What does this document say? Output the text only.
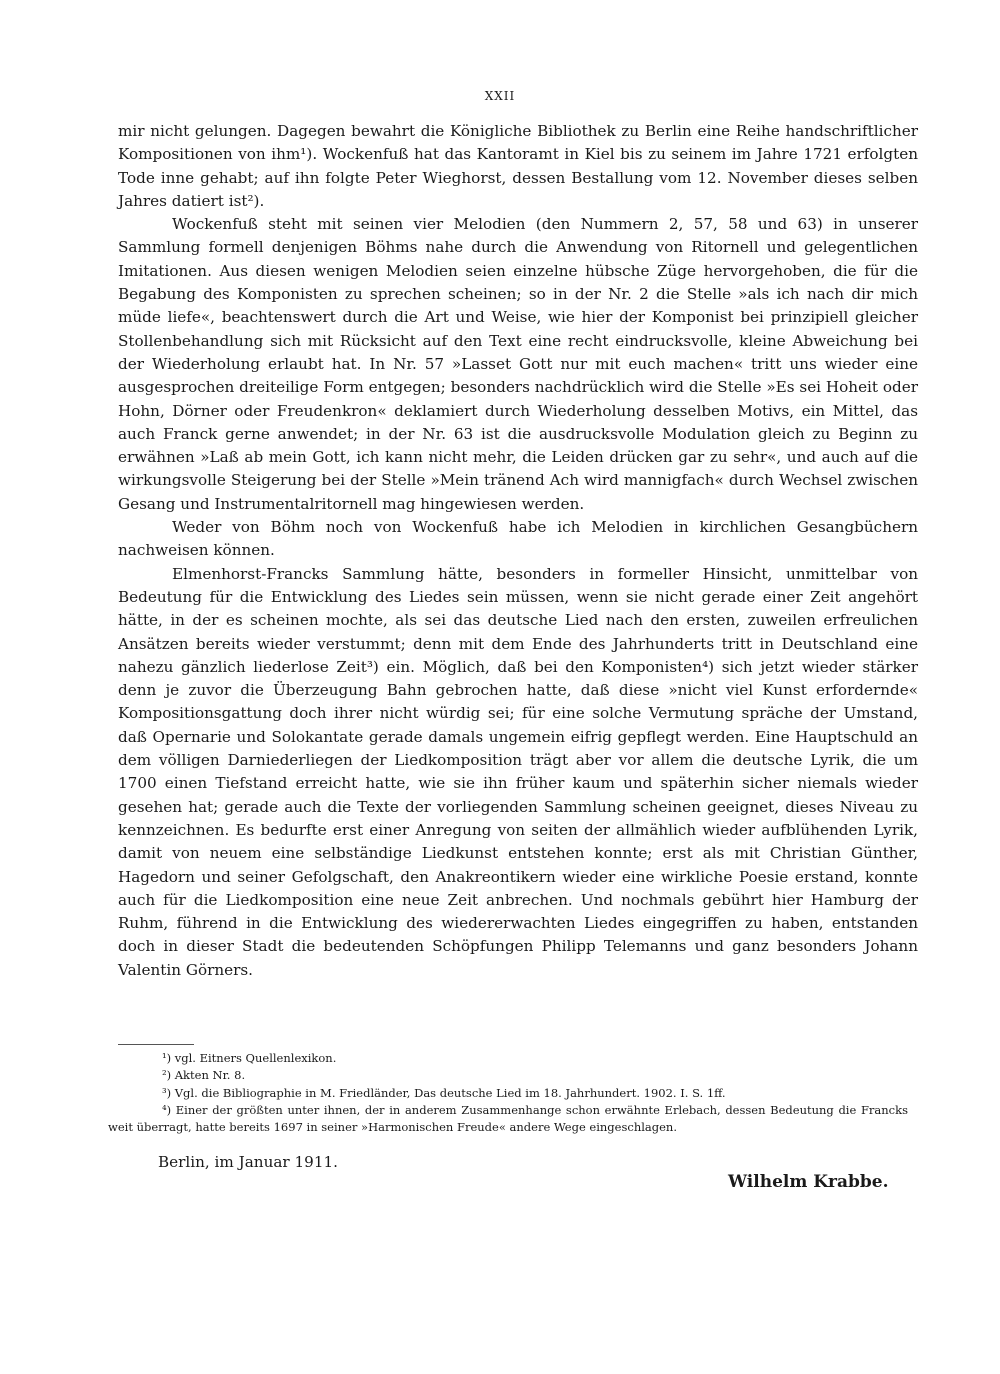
XXII

mir nicht gelungen. Dagegen bewahrt die Königliche Bibliothek zu Berlin eine Reihe handschriftlicher Kompositionen von ihm¹). Wockenfuß hat das Kantoramt in Kiel bis zu seinem im Jahre 1721 erfolgten Tode inne gehabt; auf ihn folgte Peter Wieghorst, dessen Bestallung vom 12. November dieses selben Jahres datiert ist²).

Wockenfuß steht mit seinen vier Melodien (den Nummern 2, 57, 58 und 63) in unserer Sammlung formell denjenigen Böhms nahe durch die Anwendung von Ritornell und gelegentlichen Imitationen. Aus diesen wenigen Melodien seien einzelne hübsche Züge hervorgehoben, die für die Begabung des Komponisten zu sprechen scheinen; so in der Nr. 2 die Stelle »als ich nach dir mich müde liefe«, beachtenswert durch die Art und Weise, wie hier der Komponist bei prinzipiell gleicher Stollenbehandlung sich mit Rücksicht auf den Text eine recht eindrucksvolle, kleine Abweichung bei der Wiederholung erlaubt hat. In Nr. 57 »Lasset Gott nur mit euch machen« tritt uns wieder eine ausgesprochen dreiteilige Form entgegen; besonders nachdrücklich wird die Stelle »Es sei Hoheit oder Hohn, Dörner oder Freudenkron« deklamiert durch Wiederholung desselben Motivs, ein Mittel, das auch Franck gerne anwendet; in der Nr. 63 ist die ausdrucksvolle Modulation gleich zu Beginn zu erwähnen »Laß ab mein Gott, ich kann nicht mehr, die Leiden drücken gar zu sehr«, und auch auf die wirkungsvolle Steigerung bei der Stelle »Mein tränend Ach wird mannigfach« durch Wechsel zwischen Gesang und Instrumentalritornell mag hingewiesen werden.

Weder von Böhm noch von Wockenfuß habe ich Melodien in kirchlichen Gesangbüchern nachweisen können.

Elmenhorst-Francks Sammlung hätte, besonders in formeller Hinsicht, unmittelbar von Bedeutung für die Entwicklung des Liedes sein müssen, wenn sie nicht gerade einer Zeit angehört hätte, in der es scheinen mochte, als sei das deutsche Lied nach den ersten, zuweilen erfreulichen Ansätzen bereits wieder verstummt; denn mit dem Ende des Jahrhunderts tritt in Deutschland eine nahezu gänzlich liederlose Zeit³) ein. Möglich, daß bei den Komponisten⁴) sich jetzt wieder stärker denn je zuvor die Überzeugung Bahn gebrochen hatte, daß diese »nicht viel Kunst erfordernde« Kompositionsgattung doch ihrer nicht würdig sei; für eine solche Vermutung spräche der Umstand, daß Opernarie und Solokantate gerade damals ungemein eifrig gepflegt werden. Eine Hauptschuld an dem völligen Darniederliegen der Liedkomposition trägt aber vor allem die deutsche Lyrik, die um 1700 einen Tiefstand erreicht hatte, wie sie ihn früher kaum und späterhin sicher niemals wieder gesehen hat; gerade auch die Texte der vorliegenden Sammlung scheinen geeignet, dieses Niveau zu kennzeichnen. Es bedurfte erst einer Anregung von seiten der allmählich wieder aufblühenden Lyrik, damit von neuem eine selbständige Liedkunst entstehen konnte; erst als mit Christian Günther, Hagedorn und seiner Gefolgschaft, den Anakreontikern wieder eine wirkliche Poesie erstand, konnte auch für die Liedkomposition eine neue Zeit anbrechen. Und nochmals gebührt hier Hamburg der Ruhm, führend in die Entwicklung des wiedererwachten Liedes eingegriffen zu haben, entstanden doch in dieser Stadt die bedeutenden Schöpfungen Philipp Telemanns und ganz besonders Johann Valentin Görners.

¹) vgl. Eitners Quellenlexikon.
²) Akten Nr. 8.
³) Vgl. die Bibliographie in M. Friedländer, Das deutsche Lied im 18. Jahrhundert. 1902. I. S. 1ff.
⁴) Einer der größten unter ihnen, der in anderem Zusammenhange schon erwähnte Erlebach, dessen Bedeutung die Francks weit überragt, hatte bereits 1697 in seiner »Harmonischen Freude« andere Wege eingeschlagen.
Berlin, im Januar 1911.
Wilhelm Krabbe.
